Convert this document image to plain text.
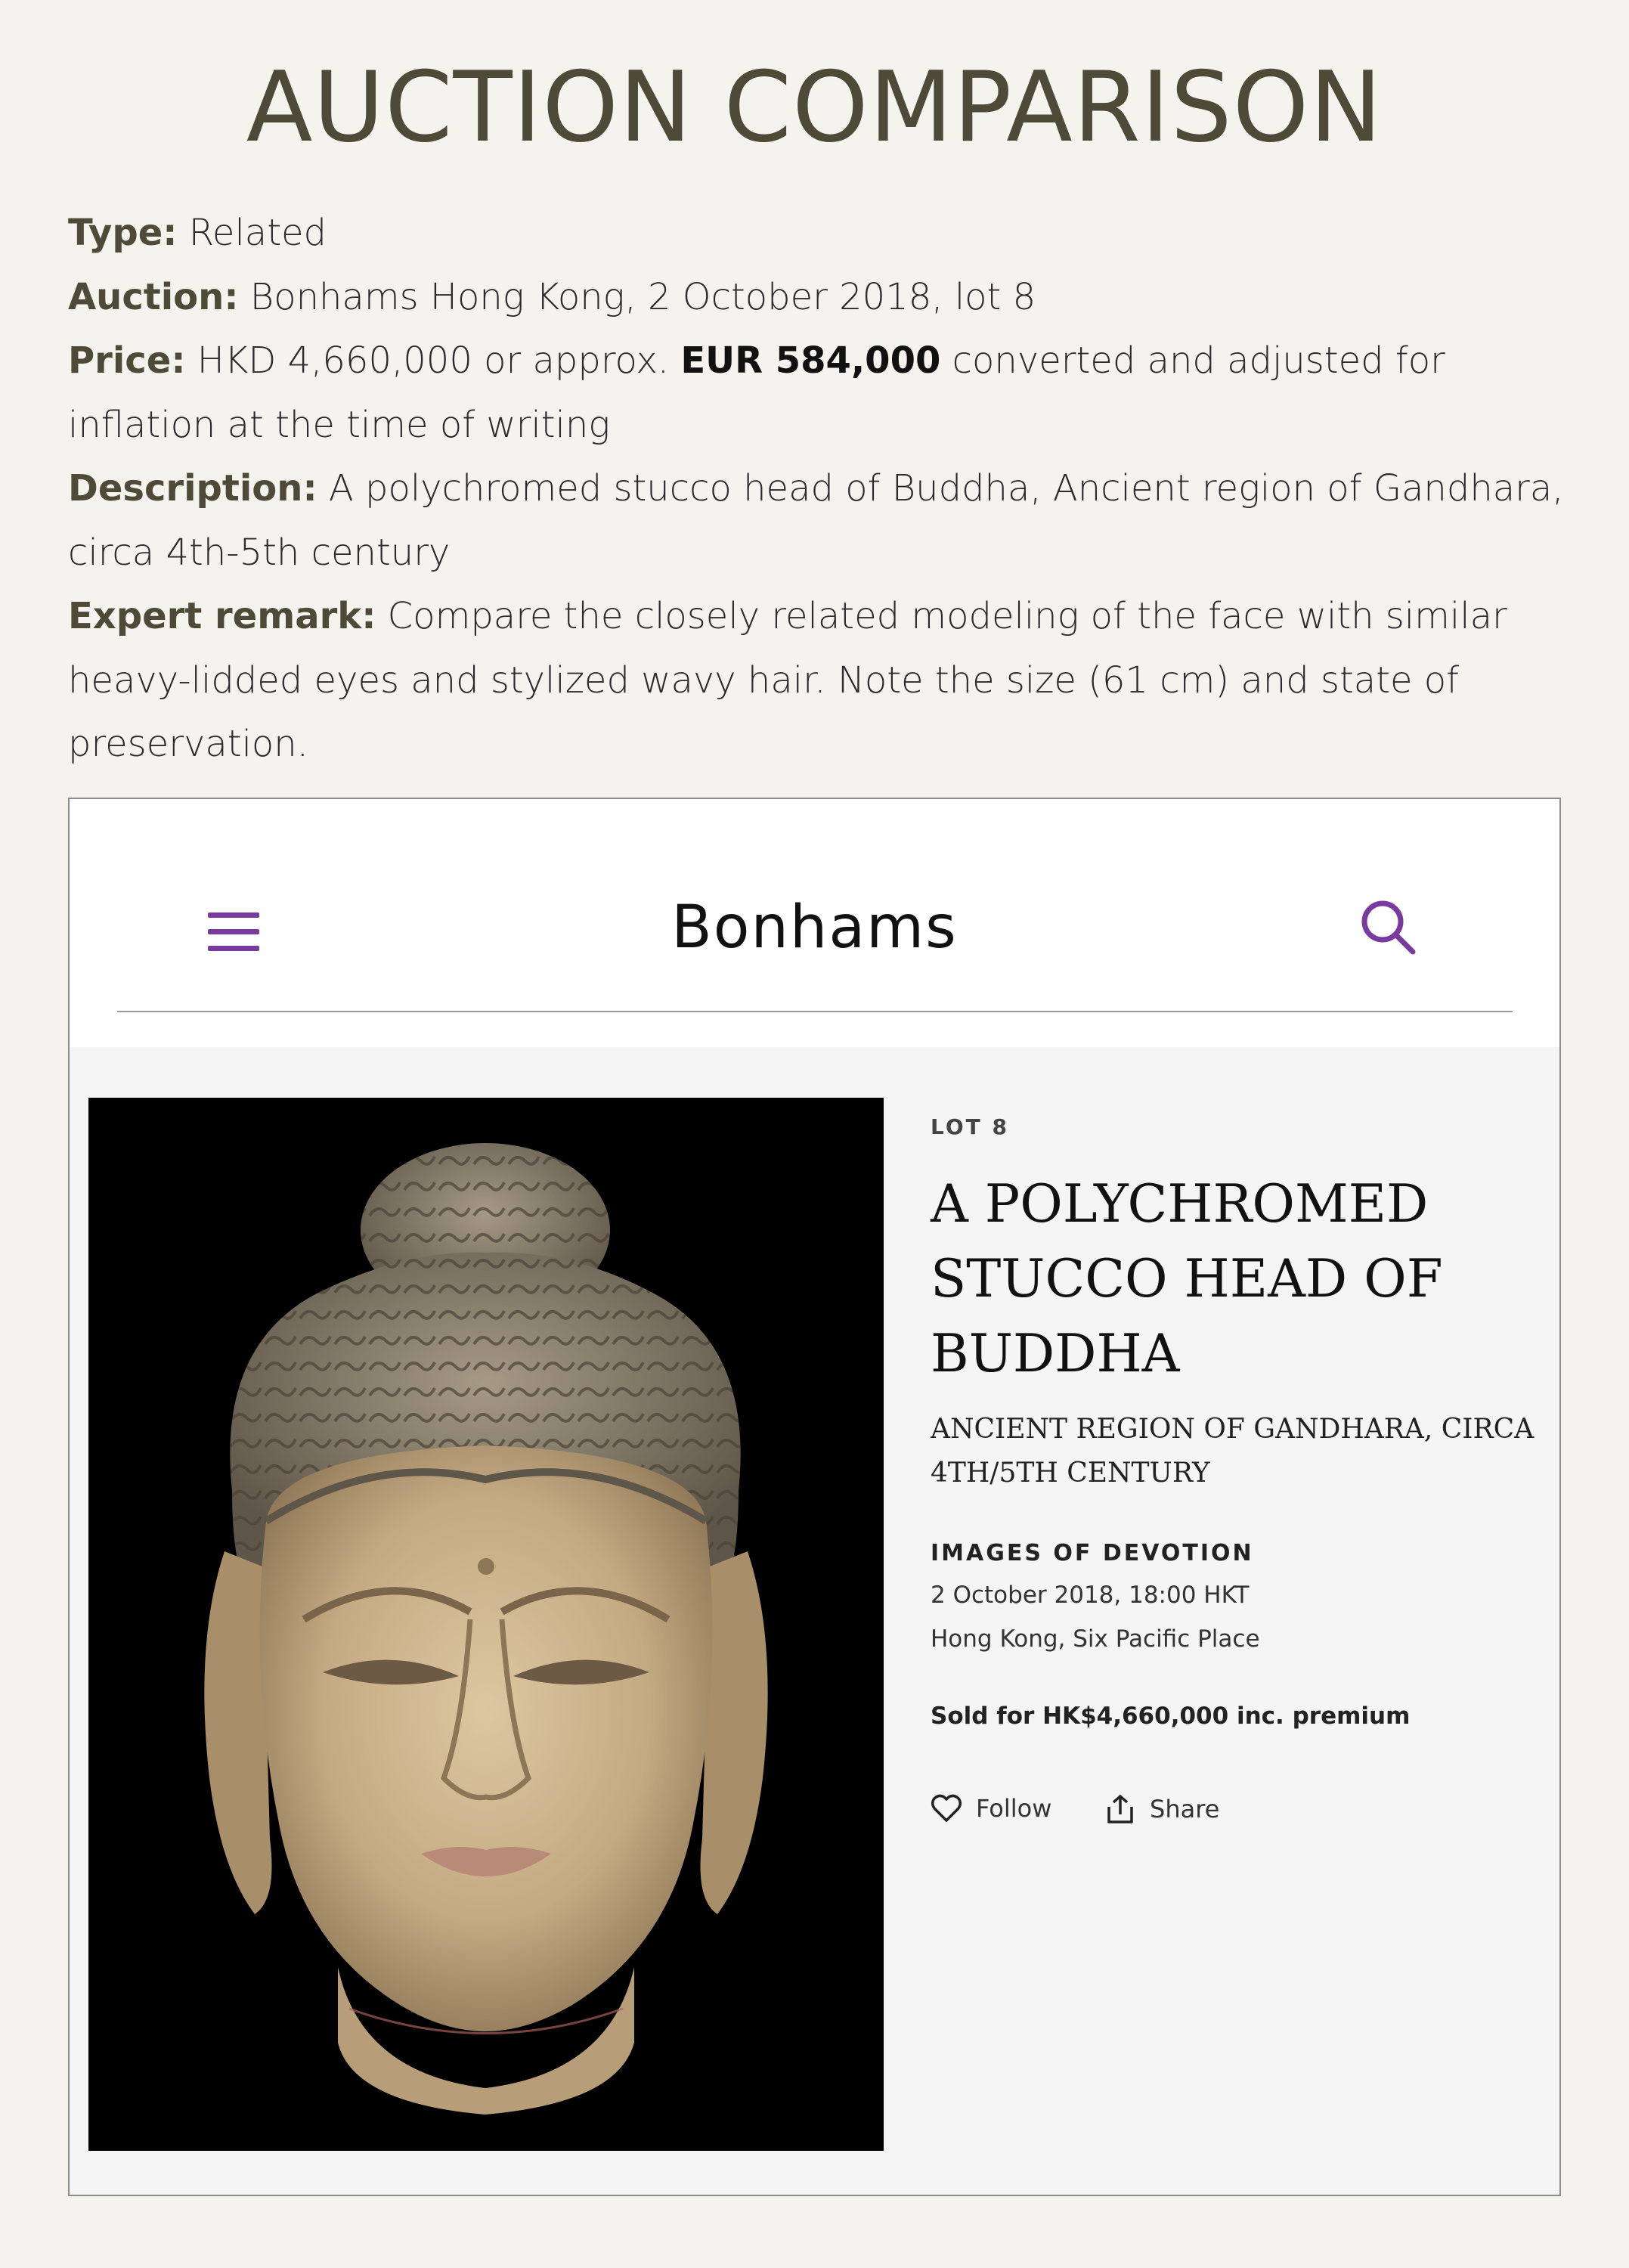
AUCTION COMPARISON
Type: Related
Auction: Bonhams Hong Kong, 2 October 2018, lot 8
Price: HKD 4,660,000 or approx. EUR 584,000 converted and adjusted for inflation at the time of writing
Description: A polychromed stucco head of Buddha, Ancient region of Gandhara, circa 4th-5th century
Expert remark: Compare the closely related modeling of the face with similar heavy-lidded eyes and stylized wavy hair. Note the size (61 cm) and state of preservation.
Bonhams
LOT 8
A POLYCHROMED STUCCO HEAD OF BUDDHA
ANCIENT REGION OF GANDHARA, CIRCA 4TH/5TH CENTURY
IMAGES OF DEVOTION
2 October 2018, 18:00 HKT
Hong Kong, Six Pacific Place
Sold for HK$4,660,000 inc. premium
Follow	Share
